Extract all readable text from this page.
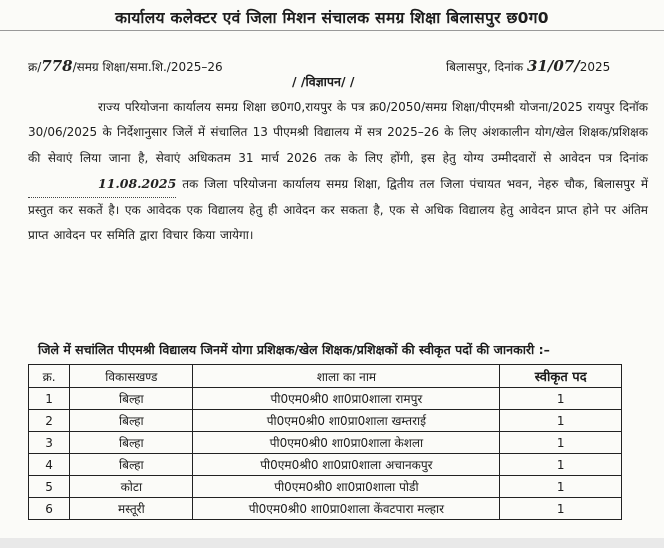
कार्यालय कलेक्टर एवं जिला मिशन संचालक समग्र शिक्षा बिलासपुर छ0ग0
क्र/778/समग्र शिक्षा/समा.शि./2025–26	बिलासपुर, दिनांक 31/07/2025
/ /विज्ञापन/ /
राज्य परियोजना कार्यालय समग्र शिक्षा छ0ग0,रायपुर के पत्र क्र0/2050/समग्र शिक्षा/पीएमश्री योजना/2025 रायपुर दिनॉक 30/06/2025 के निर्देशानुसार जिलें में संचालित 13 पीएमश्री विद्यालय में सत्र 2025–26 के लिए अंशकालीन योग/खेल शिक्षक/प्रशिक्षक की सेवाएं लिया जाना है, सेवाएं अधिकतम 31 मार्च 2026 तक के लिए होंगी, इस हेतु योग्य उम्मीदवारों से आवेदन पत्र दिनांक 11.08.2025 तक जिला परियोजना कार्यालय समग्र शिक्षा, द्वितीय तल जिला पंचायत भवन, नेहरु चौक, बिलासपुर में प्रस्तुत कर सकतें है। एक आवेदक एक विद्यालय हेतु ही आवेदन कर सकता है, एक से अधिक विद्यालय हेतु आवेदन प्राप्त होने पर अंतिम प्राप्त आवेदन पर समिति द्वारा विचार किया जायेगा।
जिले में सचांलित पीएमश्री विद्यालय जिनमें योगा प्रशिक्षक/खेल शिक्षक/प्रशिक्षकों की स्वीकृत पदों की जानकारी :–
क्र.	विकासखण्ड	शाला का नाम	स्वीकृत पद
1	बिल्हा	पी0एम0श्री0 शा0प्रा0शाला रामपुर	1
2	बिल्हा	पी0एम0श्री0 शा0प्रा0शाला खम्तराई	1
3	बिल्हा	पी0एम0श्री0 शा0प्रा0शाला केशला	1
4	बिल्हा	पी0एम0श्री0 शा0प्रा0शाला अचानकपुर	1
5	कोटा	पी0एम0श्री0 शा0प्रा0शाला पोडी	1
6	मस्तूरी	पी0एम0श्री0 शा0प्रा0शाला केंवटपारा मल्हार	1
